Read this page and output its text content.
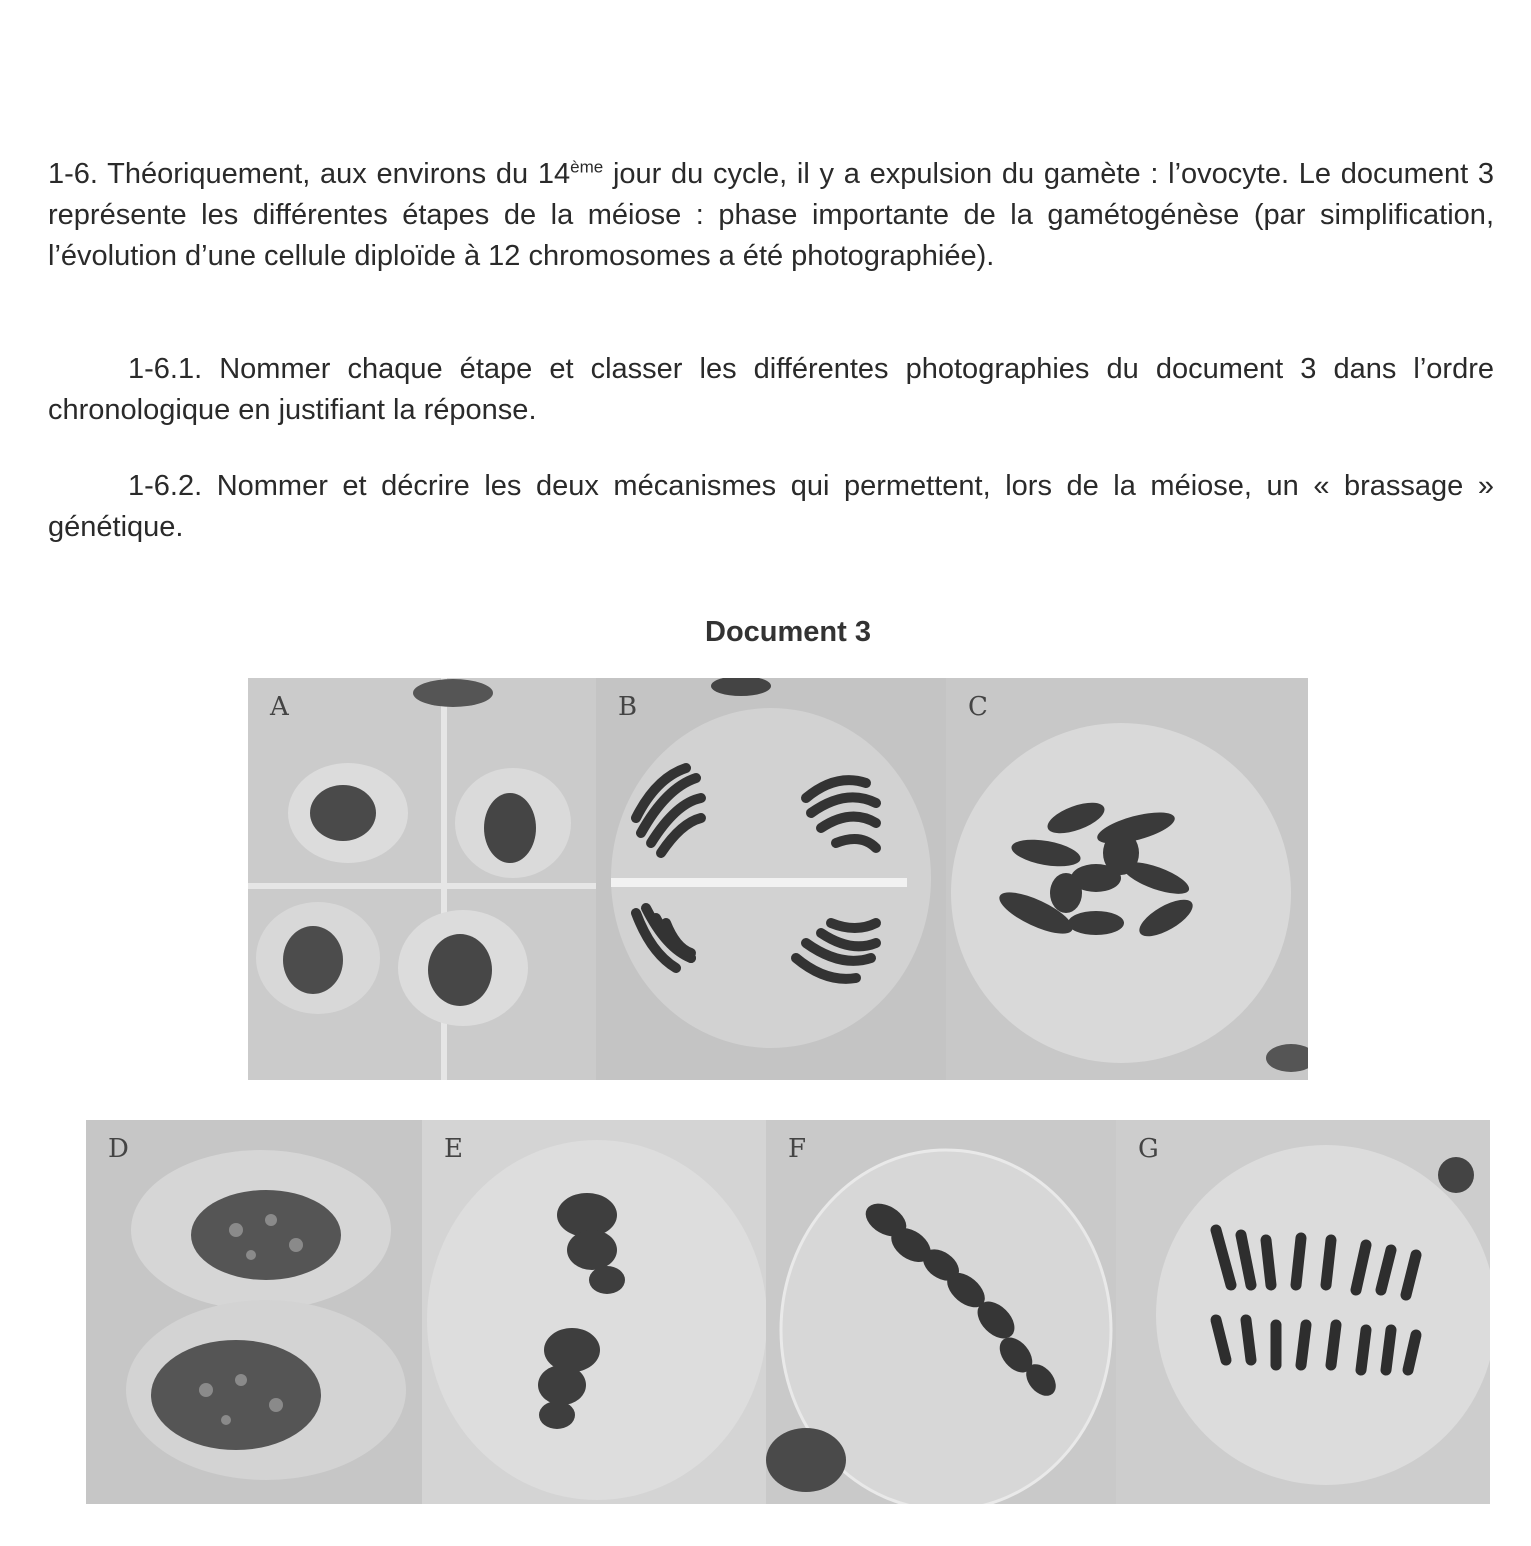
1-6. Théoriquement, aux environs du 14ème jour du cycle, il y a expulsion du gamète : l’ovocyte. Le document 3 représente les différentes étapes de la méiose : phase importante de la gamétogénèse (par simplification, l’évolution d’une cellule diploïde à 12 chromosomes a été photographiée).

1-6.1. Nommer chaque étape et classer les différentes photographies du document 3 dans l’ordre chronologique en justifiant la réponse.

1-6.2. Nommer et décrire les deux mécanismes qui permettent, lors de la méiose, un « brassage » génétique.

Document 3
A	B	C
D	E	F	G
